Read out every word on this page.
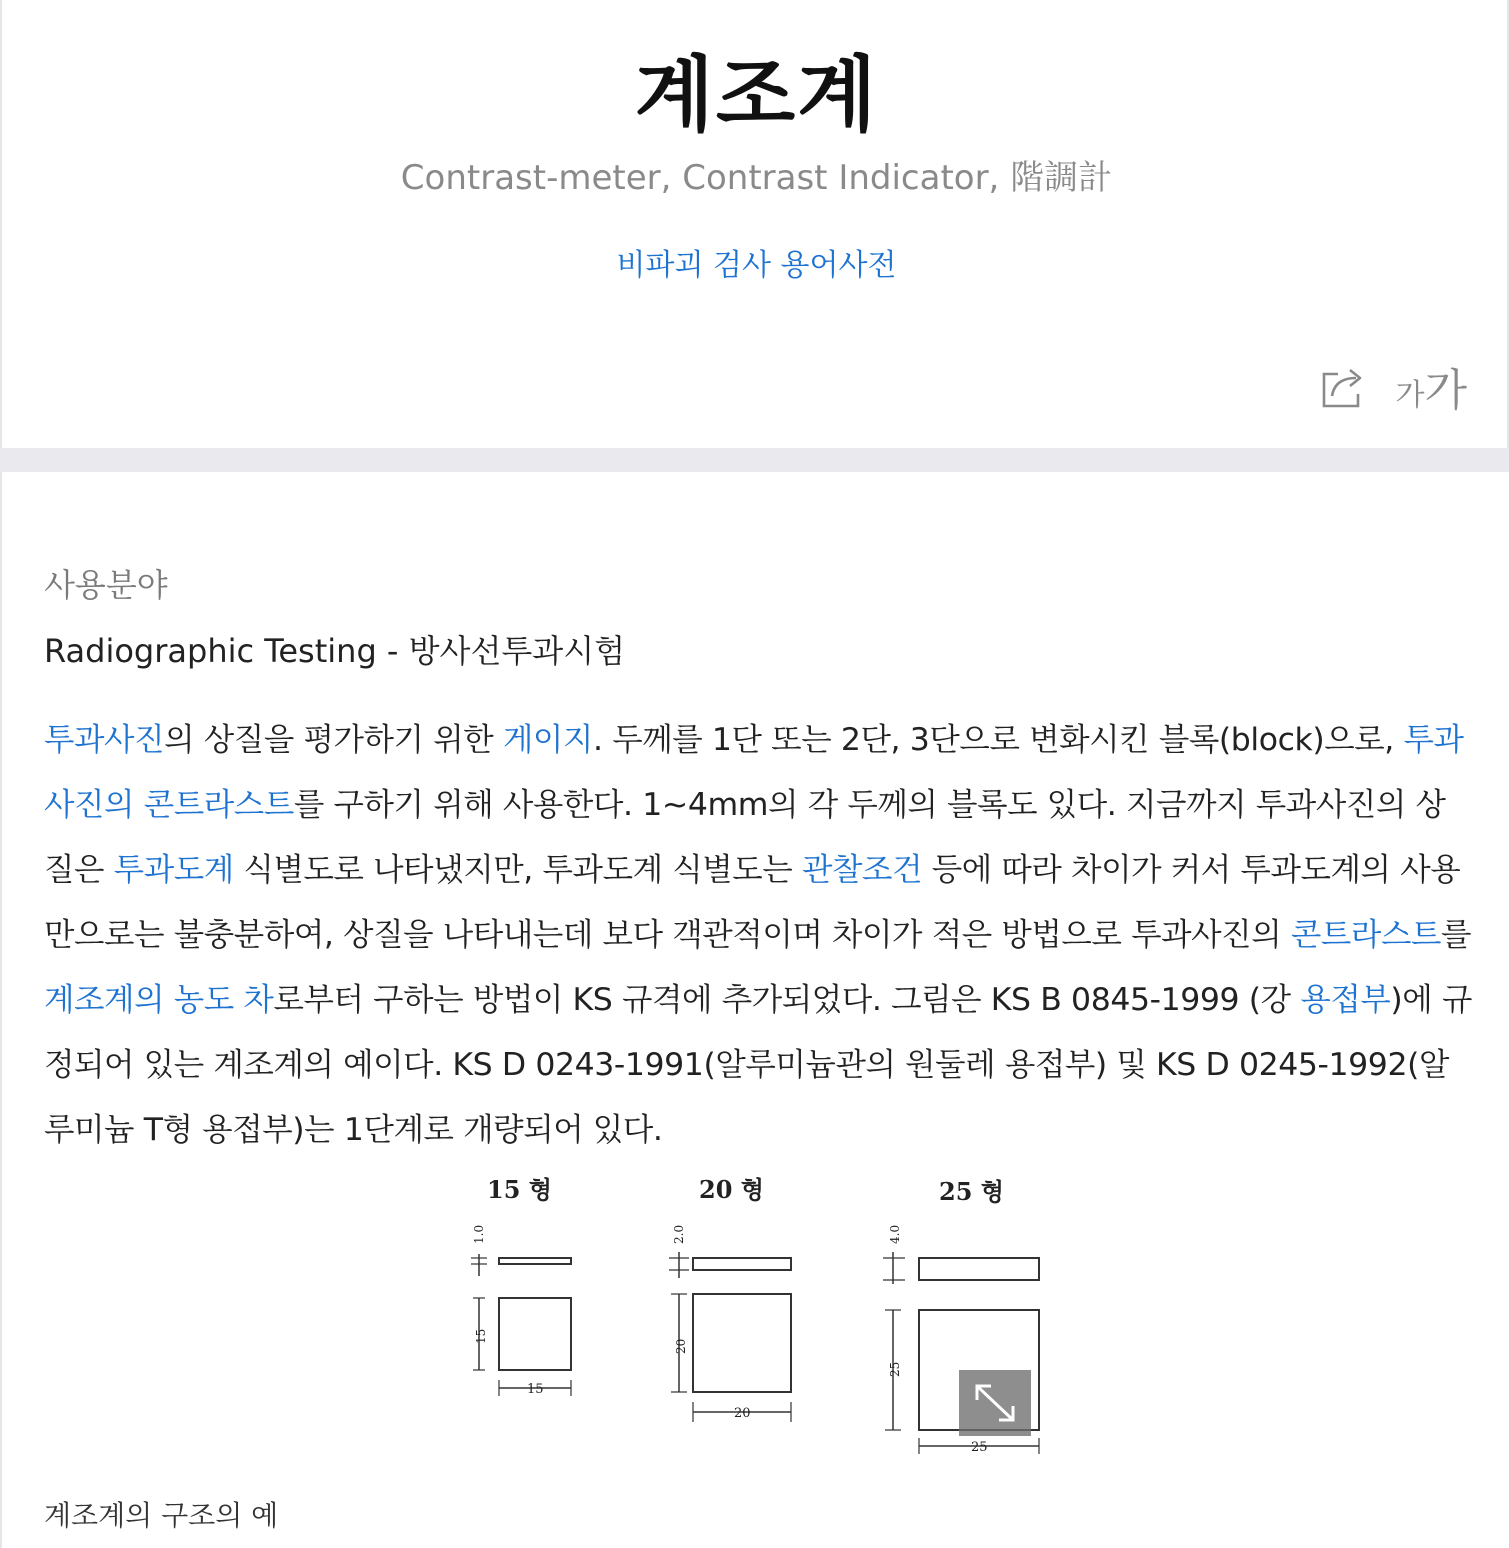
계조계
Contrast-meter, Contrast Indicator, 階調計
비파괴 검사 용어사전
가가
사용분야
Radiographic Testing - 방사선투과시험
투과사진의 상질을 평가하기 위한 게이지. 두께를 1단 또는 2단, 3단으로 변화시킨 블록(block)으로, 투과사진의 콘트라스트를 구하기 위해 사용한다. 1~4mm의 각 두께의 블록도 있다. 지금까지 투과사진의 상질은 투과도계 식별도로 나타냈지만, 투과도계 식별도는 관찰조건 등에 따라 차이가 커서 투과도계의 사용만으로는 불충분하여, 상질을 나타내는데 보다 객관적이며 차이가 적은 방법으로 투과사진의 콘트라스트를 계조계의 농도 차로부터 구하는 방법이 KS 규격에 추가되었다. 그림은 KS B 0845-1999 (강 용접부)에 규정되어 있는 계조계의 예이다. KS D 0243-1991(알루미늄관의 원둘레 용접부) 및 KS D 0245-1992(알루미늄 T형 용접부)는 1단계로 개량되어 있다.
15 형
1.0
15
15
20 형
2.0
20
20
25 형
4.0
25
25
계조계의 구조의 예
